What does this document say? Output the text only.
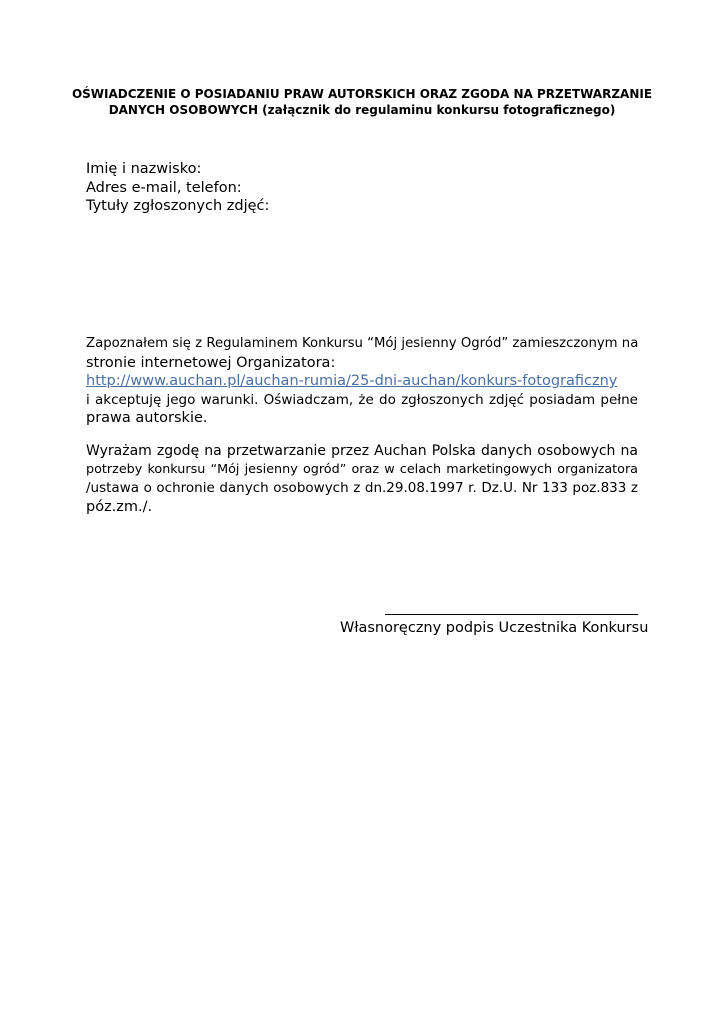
OŚWIADCZENIE O POSIADANIU PRAW AUTORSKICH ORAZ ZGODA NA PRZETWARZANIE
DANYCH OSOBOWYCH (załącznik do regulaminu konkursu fotograficznego)
Imię i nazwisko:
Adres e-mail, telefon:
Tytuły zgłoszonych zdjęć:
Zapoznałem się z Regulaminem Konkursu “Mój jesienny Ogród” zamieszczonym na
stronie internetowej Organizatora:
http://www.auchan.pl/auchan-rumia/25-dni-auchan/konkurs-fotograficzny
i akceptuję jego warunki. Oświadczam, że do zgłoszonych zdjęć posiadam pełne
prawa autorskie.
Wyrażam zgodę na przetwarzanie przez Auchan Polska danych osobowych na
potrzeby konkursu “Mój jesienny ogród” oraz w celach marketingowych organizatora
/ustawa o ochronie danych osobowych z dn.29.08.1997 r. Dz.U. Nr 133 poz.833 z
póz.zm./.
Własnoręczny podpis Uczestnika Konkursu
